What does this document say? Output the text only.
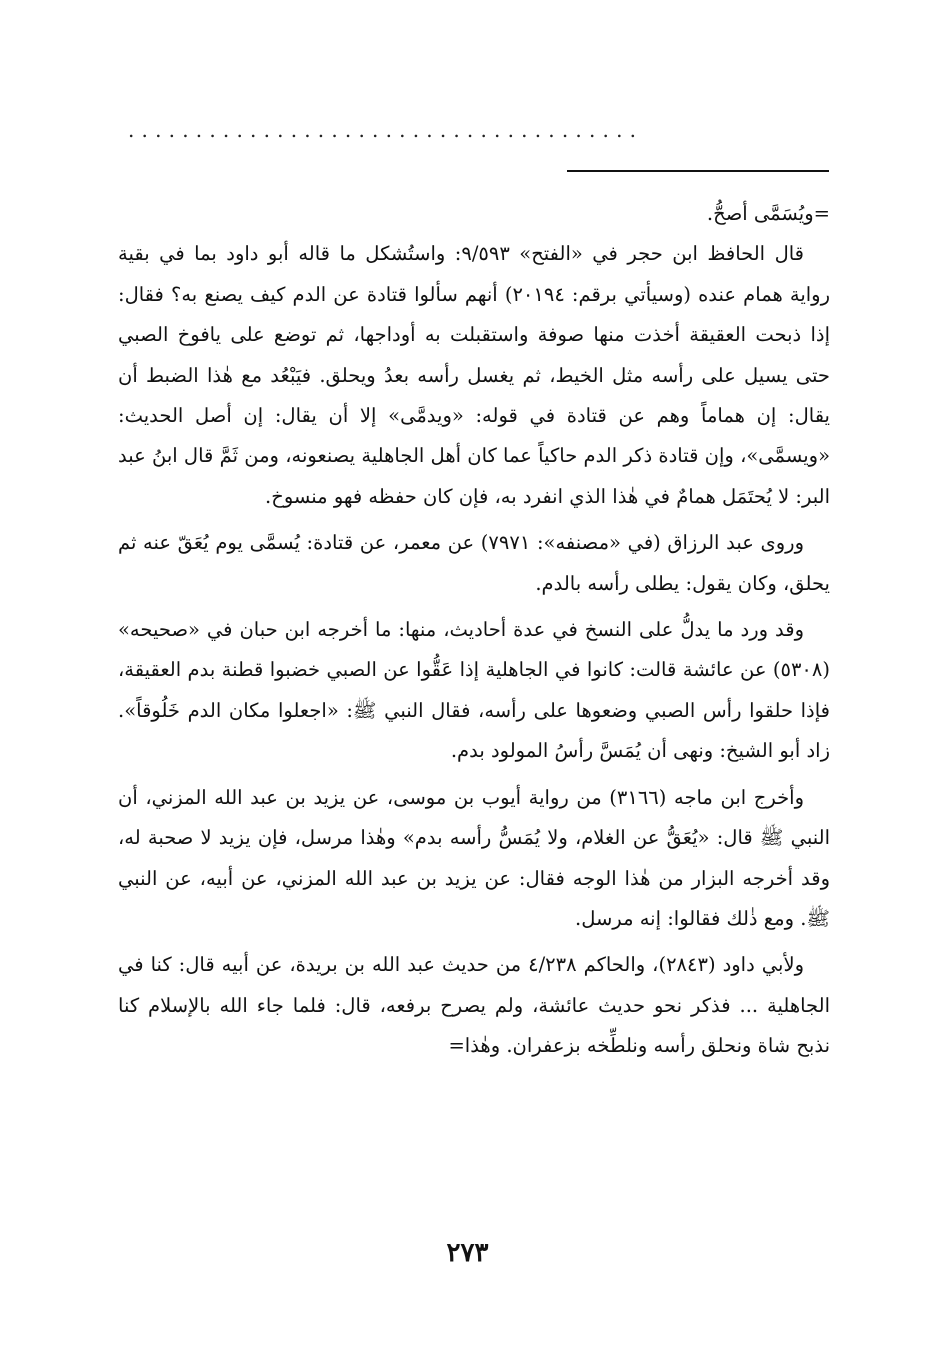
......................................

=ويُسَمَّى أصحُّ.

قال الحافظ ابن حجر في «الفتح» ٩/٥٩٣: واستُشكل ما قاله أبو داود بما في بقية رواية همام عنده (وسيأتي برقم: ٢٠١٩٤) أنهم سألوا قتادة عن الدم كيف يصنع به؟ فقال: إذا ذبحت العقيقة أخذت منها صوفة واستقبلت به أوداجها، ثم توضع على يافوخ الصبي حتى يسيل على رأسه مثل الخيط، ثم يغسل رأسه بعدُ ويحلق. فيَبْعُد مع هٰذا الضبط أن يقال: إن هماماً وهم عن قتادة في قوله: «ويدمَّى» إلا أن يقال: إن أصل الحديث: «ويسمَّى»، وإن قتادة ذكر الدم حاكياً عما كان أهل الجاهلية يصنعونه، ومن ثَمَّ قال ابنُ عبد البر: لا يُحتَمَل همامٌ في هٰذا الذي انفرد به، فإن كان حفظه فهو منسوخ.

وروى عبد الرزاق (في «مصنفه»: ٧٩٧١) عن معمر، عن قتادة: يُسمَّى يوم يُعَقّ عنه ثم يحلق، وكان يقول: يطلى رأسه بالدم.

وقد ورد ما يدلُّ على النسخ في عدة أحاديث، منها: ما أخرجه ابن حبان في «صحيحه» (٥٣٠٨) عن عائشة قالت: كانوا في الجاهلية إذا عَقُّوا عن الصبي خضبوا قطنة بدم العقيقة، فإذا حلقوا رأس الصبي وضعوها على رأسه، فقال النبي ﷺ: «اجعلوا مكان الدم خَلُوقاً». زاد أبو الشيخ: ونهى أن يُمَسَّ رأسُ المولود بدم.

وأخرج ابن ماجه (٣١٦٦) من رواية أيوب بن موسى، عن يزيد بن عبد الله المزني، أن النبي ﷺ قال: «يُعَقُّ عن الغلام، ولا يُمَسُّ رأسه بدم» وهٰذا مرسل، فإن يزيد لا صحبة له، وقد أخرجه البزار من هٰذا الوجه فقال: عن يزيد بن عبد الله المزني، عن أبيه، عن النبي ﷺ. ومع ذٰلك فقالوا: إنه مرسل.

ولأبي داود (٢٨٤٣)، والحاكم ٤/٢٣٨ من حديث عبد الله بن بريدة، عن أبيه قال: كنا في الجاهلية ... فذكر نحو حديث عائشة، ولم يصرح برفعه، قال: فلما جاء الله بالإسلام كنا نذبح شاة ونحلق رأسه ونلطِّخه بزعفران. وهٰذا=

٢٧٣
